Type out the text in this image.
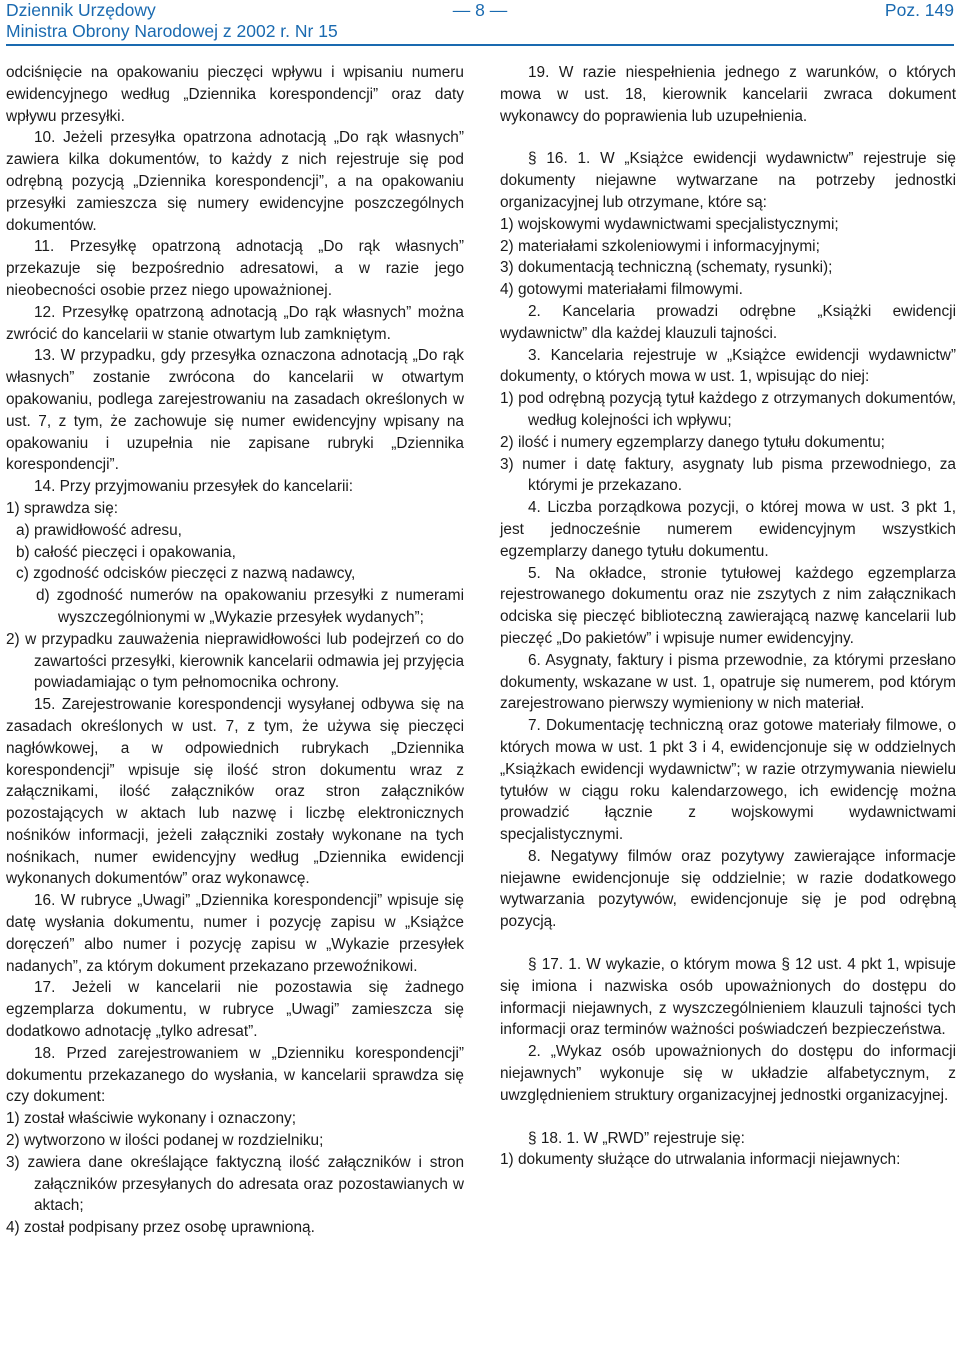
Dziennik Urzędowy
Ministra Obrony Narodowej z 2002 r. Nr 15
— 8 —	Poz. 149

odciśnięcie na opakowaniu pieczęci wpływu i wpisaniu numeru ewidencyjnego według „Dziennika korespondencji” oraz daty wpływu przesyłki.

10. Jeżeli przesyłka opatrzona adnotacją „Do rąk własnych” zawiera kilka dokumentów, to każdy z nich rejestruje się pod odrębną pozycją „Dziennika korespondencji”, a na opakowaniu przesyłki zamieszcza się numery ewidencyjne poszczególnych dokumentów.

11. Przesyłkę opatrzoną adnotacją „Do rąk własnych” przekazuje się bezpośrednio adresatowi, a w razie jego nieobecności osobie przez niego upoważnionej.

12. Przesyłkę opatrzoną adnotacją „Do rąk własnych” można zwrócić do kancelarii w stanie otwartym lub zamkniętym.

13. W przypadku, gdy przesyłka oznaczona adnotacją „Do rąk własnych” zostanie zwrócona do kancelarii w otwartym opakowaniu, podlega zarejestrowaniu na zasadach określonych w ust. 7, z tym, że zachowuje się numer ewidencyjny wpisany na opakowaniu i uzupełnia nie zapisane rubryki „Dziennika korespondencji”.

14. Przy przyjmowaniu przesyłek do kancelarii:

1) sprawdza się:

a) prawidłowość adresu,

b) całość pieczęci i opakowania,

c) zgodność odcisków pieczęci z nazwą nadawcy,

d) zgodność numerów na opakowaniu przesyłki z numerami wyszczególnionymi w „Wykazie przesyłek wydanych”;

2) w przypadku zauważenia nieprawidłowości lub podejrzeń co do zawartości przesyłki, kierownik kancelarii odmawia jej przyjęcia powiadamiając o tym pełnomocnika ochrony.

15. Zarejestrowanie korespondencji wysyłanej odbywa się na zasadach określonych w ust. 7, z tym, że używa się pieczęci nagłówkowej, a w odpowiednich rubrykach „Dziennika korespondencji” wpisuje się ilość stron dokumentu wraz z załącznikami, ilość załączników oraz stron załączników pozostających w aktach lub nazwę i liczbę elektronicznych nośników informacji, jeżeli załączniki zostały wykonane na tych nośnikach, numer ewidencyjny według „Dziennika ewidencji wykonanych dokumentów” oraz wykonawcę.

16. W rubryce „Uwagi” „Dziennika korespondencji” wpisuje się datę wysłania dokumentu, numer i pozycję zapisu w „Książce doręczeń” albo numer i pozycję zapisu w „Wykazie przesyłek nadanych”, za którym dokument przekazano przewoźnikowi.

17. Jeżeli w kancelarii nie pozostawia się żadnego egzemplarza dokumentu, w rubryce „Uwagi” zamieszcza się dodatkowo adnotację „tylko adresat”.

18. Przed zarejestrowaniem w „Dzienniku korespondencji” dokumentu przekazanego do wysłania, w kancelarii sprawdza się czy dokument:

1) został właściwie wykonany i oznaczony;

2) wytworzono w ilości podanej w rozdzielniku;

3) zawiera dane określające faktyczną ilość załączników i stron załączników przesyłanych do adresata oraz pozostawianych w aktach;

4) został podpisany przez osobę uprawnioną.

19. W razie niespełnienia jednego z warunków, o których mowa w ust. 18, kierownik kancelarii zwraca dokument wykonawcy do poprawienia lub uzupełnienia.

§ 16. 1. W „Książce ewidencji wydawnictw” rejestruje się dokumenty niejawne wytwarzane na potrzeby jednostki organizacyjnej lub otrzymane, które są:

1) wojskowymi wydawnictwami specjalistycznymi;

2) materiałami szkoleniowymi i informacyjnymi;

3) dokumentacją techniczną (schematy, rysunki);

4) gotowymi materiałami filmowymi.

2. Kancelaria prowadzi odrębne „Książki ewidencji wydawnictw” dla każdej klauzuli tajności.

3. Kancelaria rejestruje w „Książce ewidencji wydawnictw” dokumenty, o których mowa w ust. 1, wpisując do niej:

1) pod odrębną pozycją tytuł każdego z otrzymanych dokumentów, według kolejności ich wpływu;

2) ilość i numery egzemplarzy danego tytułu dokumentu;

3) numer i datę faktury, asygnaty lub pisma przewodniego, za którymi je przekazano.

4. Liczba porządkowa pozycji, o której mowa w ust. 3 pkt 1, jest jednocześnie numerem ewidencyjnym wszystkich egzemplarzy danego tytułu dokumentu.

5. Na okładce, stronie tytułowej każdego egzemplarza rejestrowanego dokumentu oraz nie zszytych z nim załącznikach odciska się pieczęć biblioteczną zawierającą nazwę kancelarii lub pieczęć „Do pakietów” i wpisuje numer ewidencyjny.

6. Asygnaty, faktury i pisma przewodnie, za którymi przesłano dokumenty, wskazane w ust. 1, opatruje się numerem, pod którym zarejestrowano pierwszy wymieniony w nich materiał.

7. Dokumentację techniczną oraz gotowe materiały filmowe, o których mowa w ust. 1 pkt 3 i 4, ewidencjonuje się w oddzielnych „Książkach ewidencji wydawnictw”; w razie otrzymywania niewielu tytułów w ciągu roku kalendarzowego, ich ewidencję można prowadzić łącznie z wojskowymi wydawnictwami specjalistycznymi.

8. Negatywy filmów oraz pozytywy zawierające informacje niejawne ewidencjonuje się oddzielnie; w razie dodatkowego wytwarzania pozytywów, ewidencjonuje się je pod odrębną pozycją.

§ 17. 1. W wykazie, o którym mowa § 12 ust. 4 pkt 1, wpisuje się imiona i nazwiska osób upoważnionych do dostępu do informacji niejawnych, z wyszczególnieniem klauzuli tajności tych informacji oraz terminów ważności poświadczeń bezpieczeństwa.

2. „Wykaz osób upoważnionych do dostępu do informacji niejawnych” wykonuje się w układzie alfabetycznym, z uwzględnieniem struktury organizacyjnej jednostki organizacyjnej.

§ 18. 1. W „RWD” rejestruje się:

1) dokumenty służące do utrwalania informacji niejawnych:
